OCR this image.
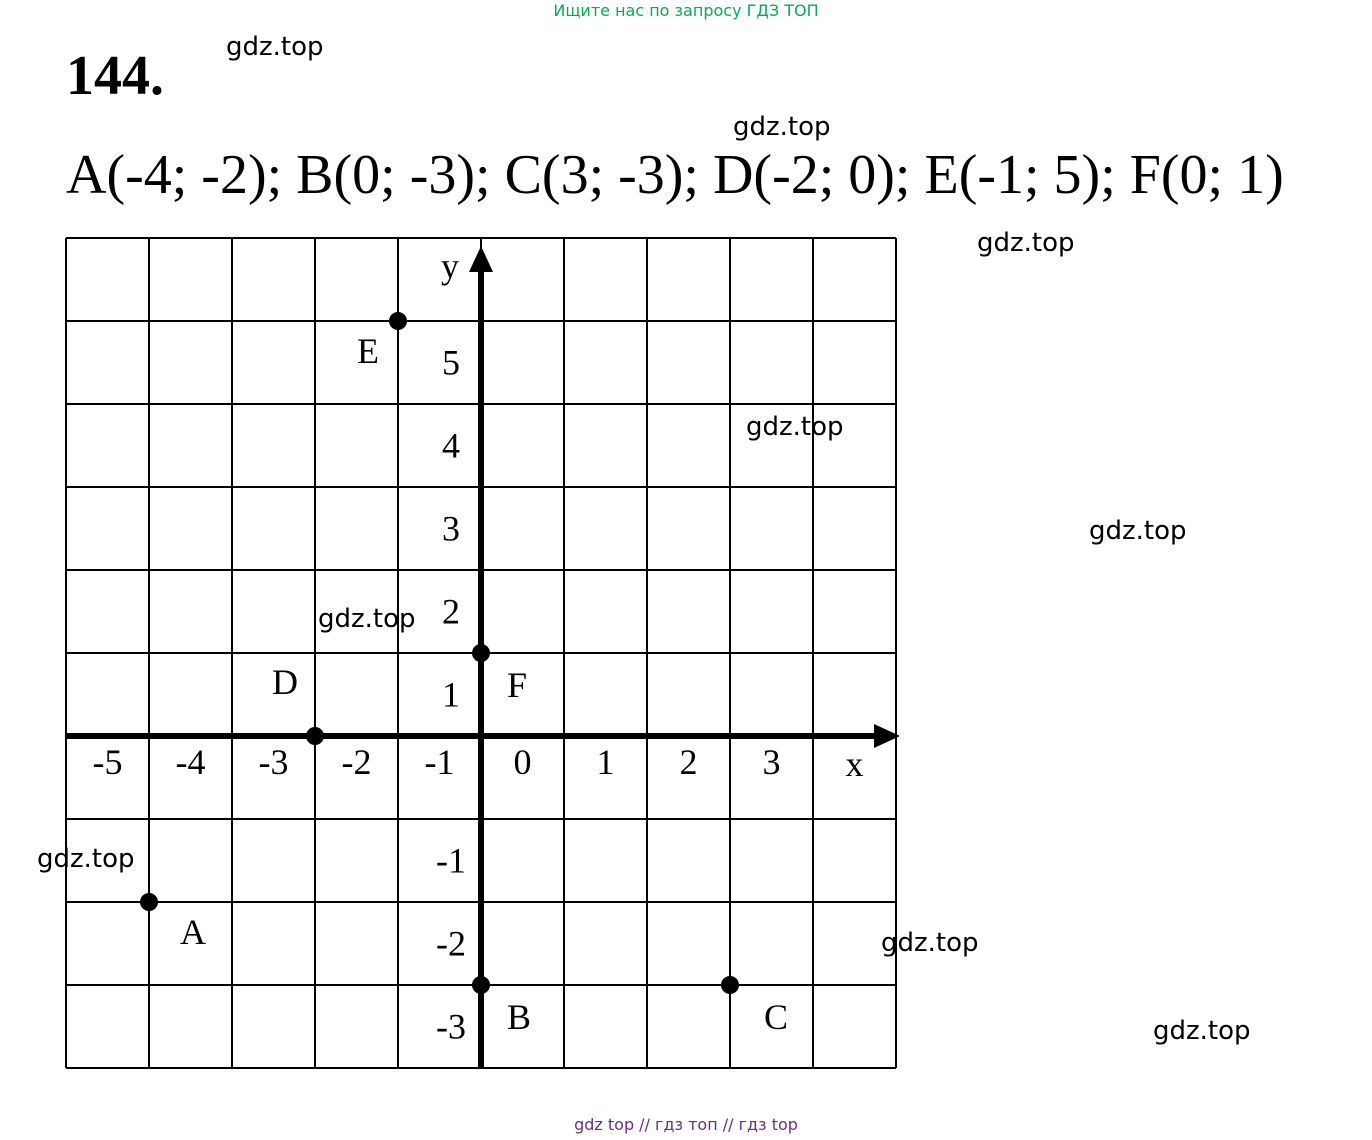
Ищите нас по запросу ГДЗ ТОП
144.
A(-4; -2); B(0; -3); C(3; -3); D(-2; 0); E(-1; 5); F(0; 1)
gdz.top
gdz.top
gdz.top
gdz.top
gdz.top
gdz.top
gdz.top
gdz.top
gdz.top
-5 -4 -3 -2 -1 0 1 2 3 x
5
4
3
2
1
-1
-2
-3
y
A
B	C
D
E
F
gdz top // гдз топ // гдз top
